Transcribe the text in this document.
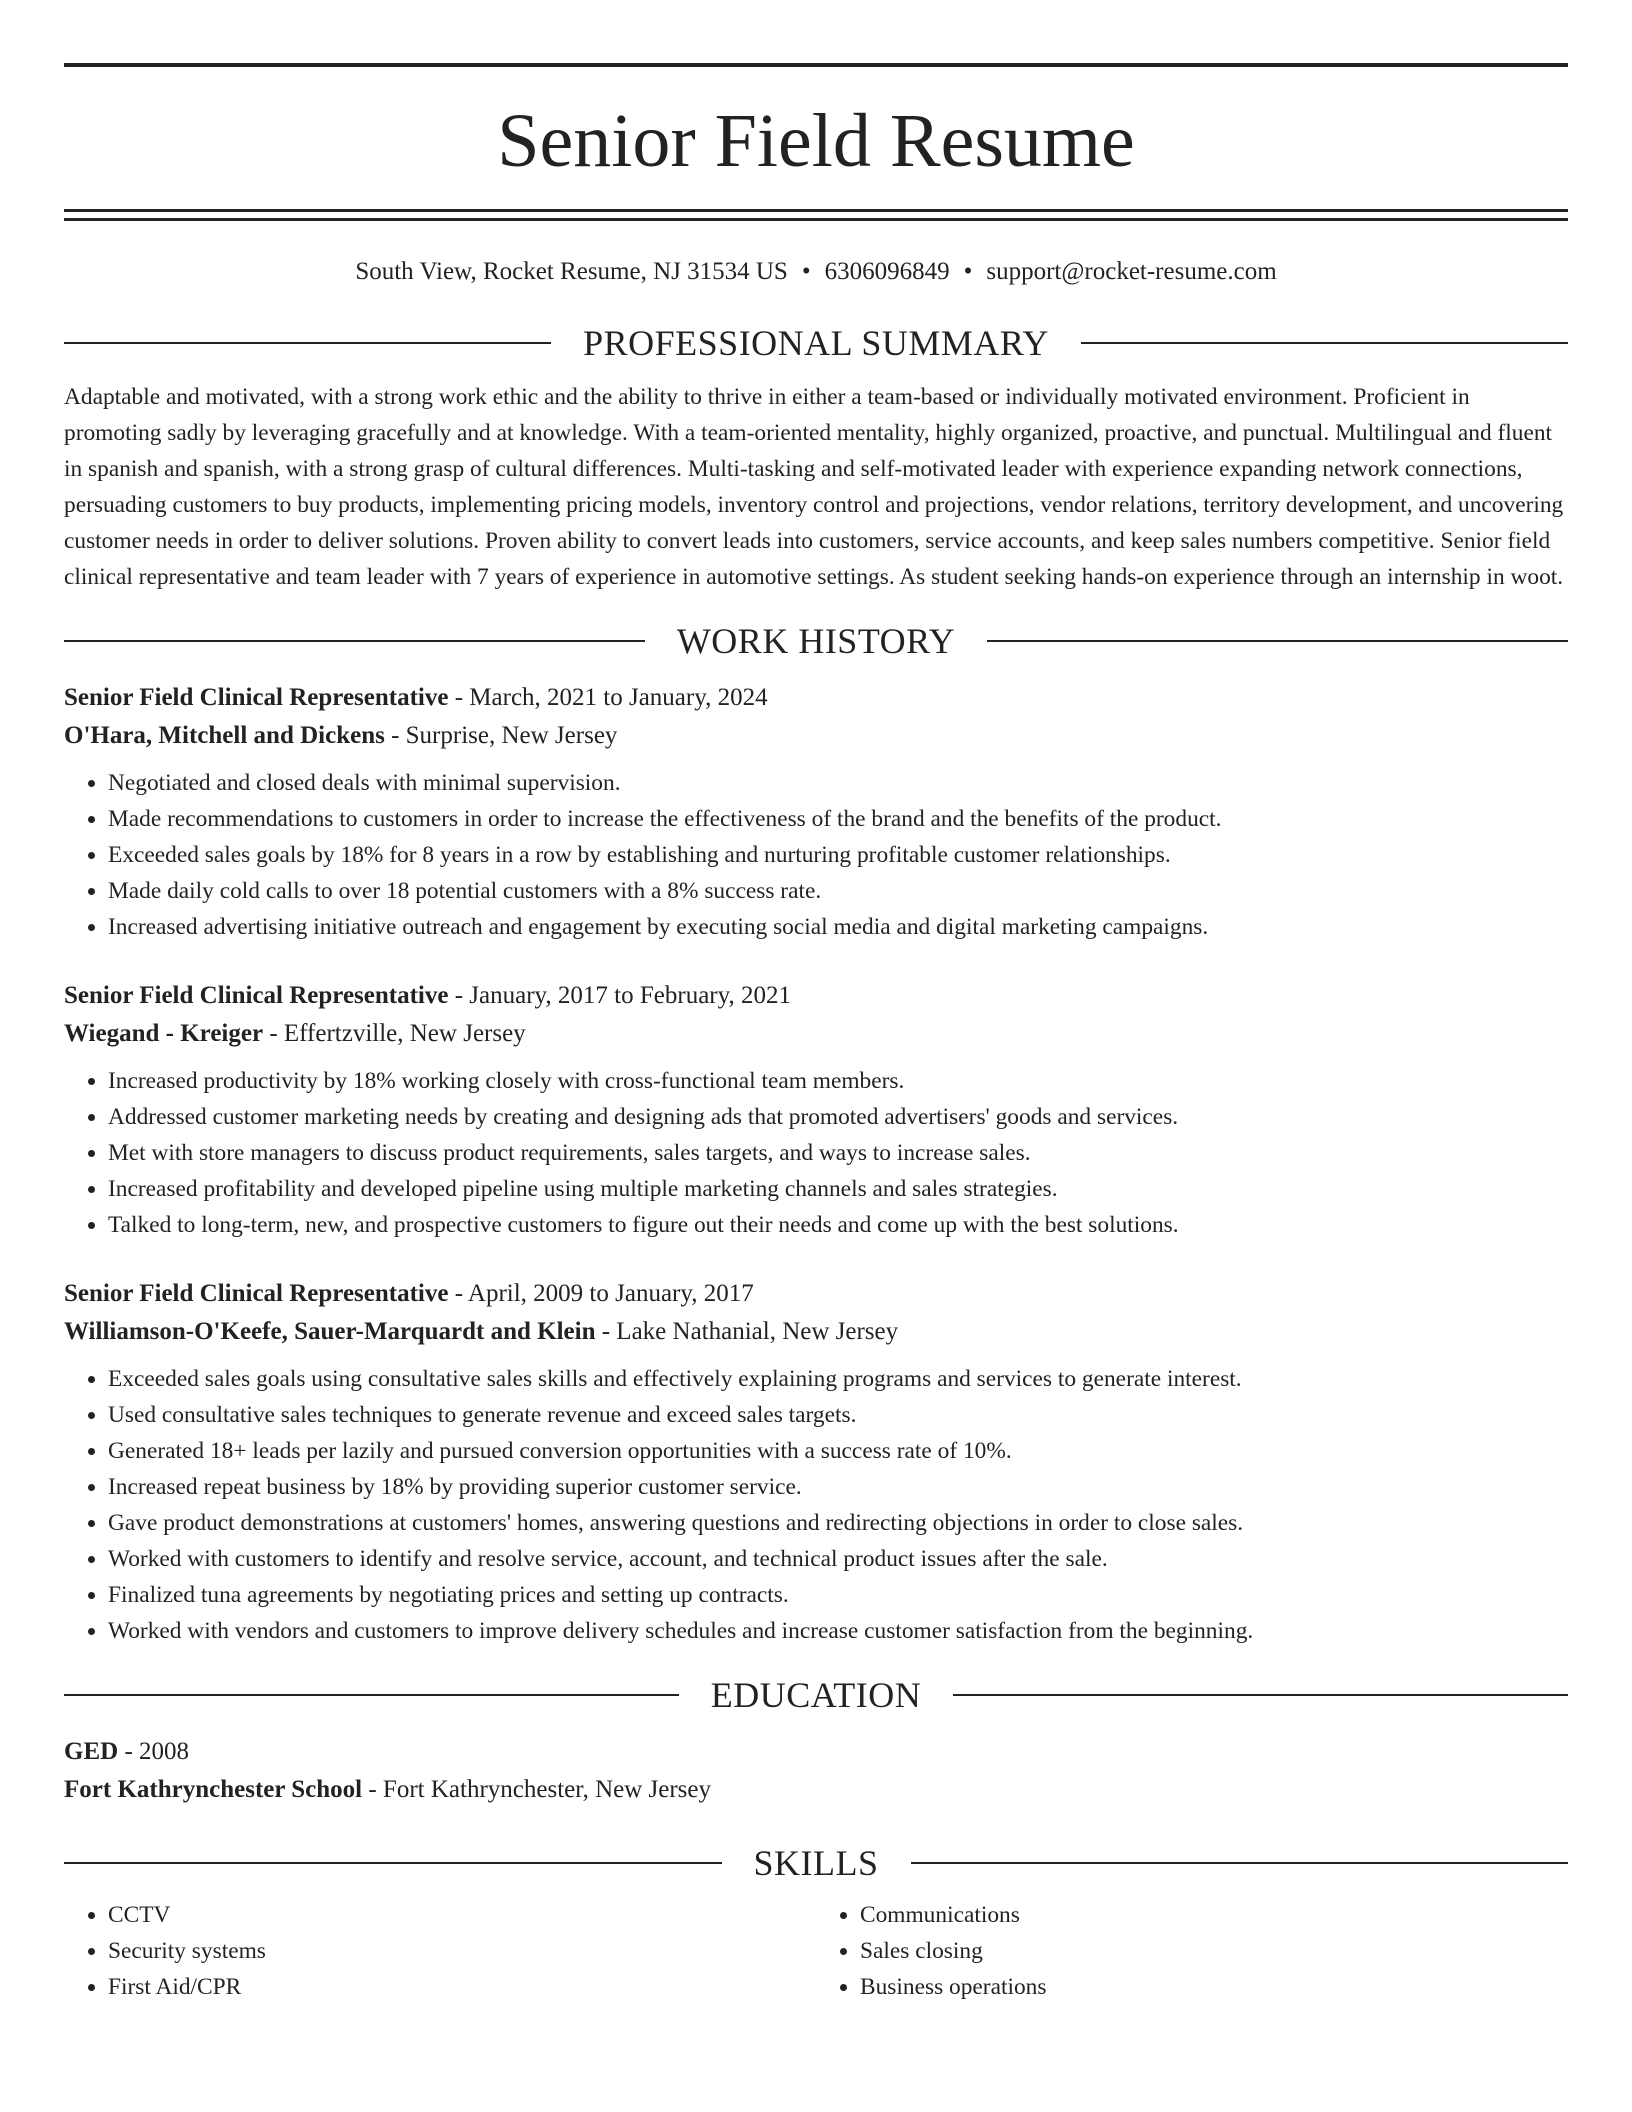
Senior Field Resume
South View, Rocket Resume, NJ 31534 US • 6306096849 • support@rocket-resume.com
PROFESSIONAL SUMMARY
Adaptable and motivated, with a strong work ethic and the ability to thrive in either a team-based or individually motivated environment. Proficient in promoting sadly by leveraging gracefully and at knowledge. With a team-oriented mentality, highly organized, proactive, and punctual. Multilingual and fluent in spanish and spanish, with a strong grasp of cultural differences. Multi-tasking and self-motivated leader with experience expanding network connections, persuading customers to buy products, implementing pricing models, inventory control and projections, vendor relations, territory development, and uncovering customer needs in order to deliver solutions. Proven ability to convert leads into customers, service accounts, and keep sales numbers competitive. Senior field clinical representative and team leader with 7 years of experience in automotive settings. As student seeking hands-on experience through an internship in woot.
WORK HISTORY
Senior Field Clinical Representative - March, 2021 to January, 2024
O'Hara, Mitchell and Dickens - Surprise, New Jersey
• Negotiated and closed deals with minimal supervision.
• Made recommendations to customers in order to increase the effectiveness of the brand and the benefits of the product.
• Exceeded sales goals by 18% for 8 years in a row by establishing and nurturing profitable customer relationships.
• Made daily cold calls to over 18 potential customers with a 8% success rate.
• Increased advertising initiative outreach and engagement by executing social media and digital marketing campaigns.
Senior Field Clinical Representative - January, 2017 to February, 2021
Wiegand - Kreiger - Effertzville, New Jersey
• Increased productivity by 18% working closely with cross-functional team members.
• Addressed customer marketing needs by creating and designing ads that promoted advertisers' goods and services.
• Met with store managers to discuss product requirements, sales targets, and ways to increase sales.
• Increased profitability and developed pipeline using multiple marketing channels and sales strategies.
• Talked to long-term, new, and prospective customers to figure out their needs and come up with the best solutions.
Senior Field Clinical Representative - April, 2009 to January, 2017
Williamson-O'Keefe, Sauer-Marquardt and Klein - Lake Nathanial, New Jersey
• Exceeded sales goals using consultative sales skills and effectively explaining programs and services to generate interest.
• Used consultative sales techniques to generate revenue and exceed sales targets.
• Generated 18+ leads per lazily and pursued conversion opportunities with a success rate of 10%.
• Increased repeat business by 18% by providing superior customer service.
• Gave product demonstrations at customers' homes, answering questions and redirecting objections in order to close sales.
• Worked with customers to identify and resolve service, account, and technical product issues after the sale.
• Finalized tuna agreements by negotiating prices and setting up contracts.
• Worked with vendors and customers to improve delivery schedules and increase customer satisfaction from the beginning.
EDUCATION
GED - 2008
Fort Kathrynchester School - Fort Kathrynchester, New Jersey
SKILLS
• CCTV
• Security systems
• First Aid/CPR
• Communications
• Sales closing
• Business operations
